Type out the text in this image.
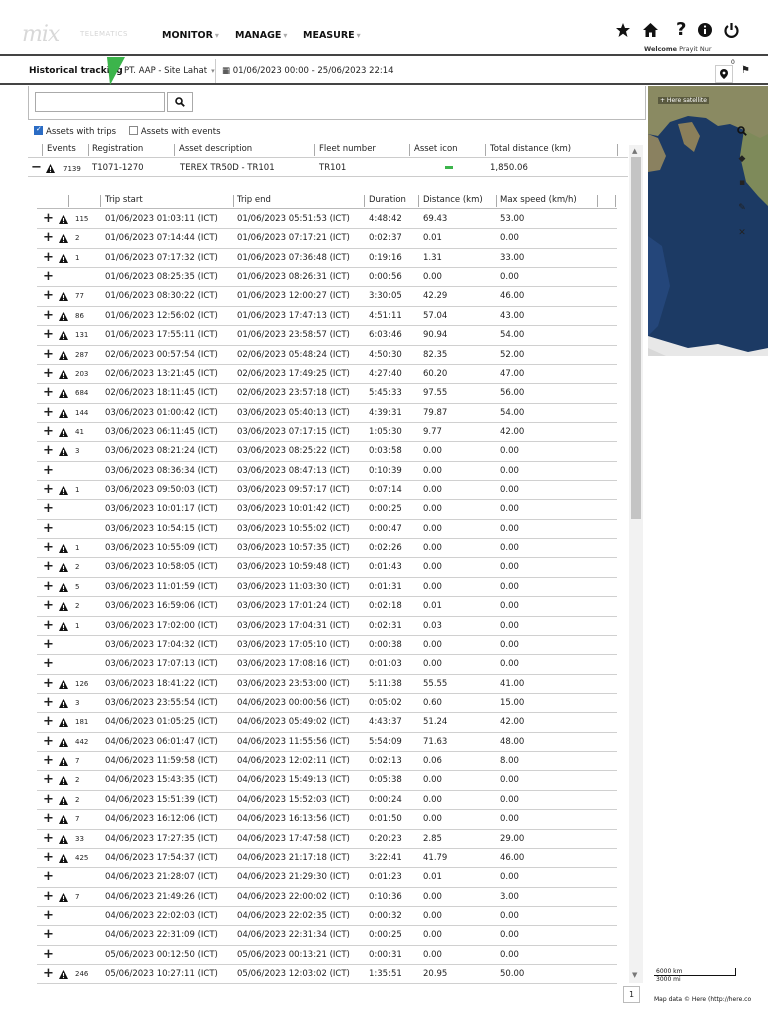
mix	TELEMATICS	MONITOR ▾ MANAGE ▾ MEASURE ▾	?
Welcome Prayit Nur
Historical tracking PT. AAP - Site Lahat ▾ ▦ 01/06/2023 00:00 - 25/06/2023 22:14
0
⚑
✓Assets with trips	Assets with events
Events Registration	Asset description	Fleet number	Asset icon	Total distance (km)
−	7139 T1071-1270	TEREX TR50D - TR101	TR101	1,850.06
Trip start	Trip end	Duration Distance (km) Max speed (km/h)
+	115 01/06/2023 01:03:11 (ICT) 01/06/2023 05:51:53 (ICT) 4:48:42 69.43	53.00
+	2	01/06/2023 07:14:44 (ICT) 01/06/2023 07:17:21 (ICT) 0:02:37 0.01	0.00
+	1	01/06/2023 07:17:32 (ICT) 01/06/2023 07:36:48 (ICT) 0:19:16 1.31	33.00
+	01/06/2023 08:25:35 (ICT) 01/06/2023 08:26:31 (ICT) 0:00:56 0.00	0.00
+	77 01/06/2023 08:30:22 (ICT) 01/06/2023 12:00:27 (ICT) 3:30:05 42.29	46.00
+	86 01/06/2023 12:56:02 (ICT) 01/06/2023 17:47:13 (ICT) 4:51:11 57.04	43.00
+	131 01/06/2023 17:55:11 (ICT) 01/06/2023 23:58:57 (ICT) 6:03:46 90.94	54.00
+	287 02/06/2023 00:57:54 (ICT) 02/06/2023 05:48:24 (ICT) 4:50:30 82.35	52.00
+	203 02/06/2023 13:21:45 (ICT) 02/06/2023 17:49:25 (ICT) 4:27:40 60.20	47.00
+	684 02/06/2023 18:11:45 (ICT) 02/06/2023 23:57:18 (ICT) 5:45:33 97.55	56.00
+	144 03/06/2023 01:00:42 (ICT) 03/06/2023 05:40:13 (ICT) 4:39:31 79.87	54.00
+	41 03/06/2023 06:11:45 (ICT) 03/06/2023 07:17:15 (ICT) 1:05:30 9.77	42.00
+	3	03/06/2023 08:21:24 (ICT) 03/06/2023 08:25:22 (ICT) 0:03:58 0.00	0.00
+	03/06/2023 08:36:34 (ICT) 03/06/2023 08:47:13 (ICT) 0:10:39 0.00	0.00
+	1	03/06/2023 09:50:03 (ICT) 03/06/2023 09:57:17 (ICT) 0:07:14 0.00	0.00
+	03/06/2023 10:01:17 (ICT) 03/06/2023 10:01:42 (ICT) 0:00:25 0.00	0.00
+	03/06/2023 10:54:15 (ICT) 03/06/2023 10:55:02 (ICT) 0:00:47 0.00	0.00
+	1	03/06/2023 10:55:09 (ICT) 03/06/2023 10:57:35 (ICT) 0:02:26 0.00	0.00
+	2	03/06/2023 10:58:05 (ICT) 03/06/2023 10:59:48 (ICT) 0:01:43 0.00	0.00
+	5	03/06/2023 11:01:59 (ICT) 03/06/2023 11:03:30 (ICT) 0:01:31 0.00	0.00
+	2	03/06/2023 16:59:06 (ICT) 03/06/2023 17:01:24 (ICT) 0:02:18 0.01	0.00
+	1	03/06/2023 17:02:00 (ICT) 03/06/2023 17:04:31 (ICT) 0:02:31 0.03	0.00
+	03/06/2023 17:04:32 (ICT) 03/06/2023 17:05:10 (ICT) 0:00:38 0.00	0.00
+	03/06/2023 17:07:13 (ICT) 03/06/2023 17:08:16 (ICT) 0:01:03 0.00	0.00
+	126 03/06/2023 18:41:22 (ICT) 03/06/2023 23:53:00 (ICT) 5:11:38 55.55	41.00
+	3	03/06/2023 23:55:54 (ICT) 04/06/2023 00:00:56 (ICT) 0:05:02 0.60	15.00
+	181 04/06/2023 01:05:25 (ICT) 04/06/2023 05:49:02 (ICT) 4:43:37 51.24	42.00
+	442 04/06/2023 06:01:47 (ICT) 04/06/2023 11:55:56 (ICT) 5:54:09 71.63	48.00
+	7	04/06/2023 11:59:58 (ICT) 04/06/2023 12:02:11 (ICT) 0:02:13 0.06	8.00
+	2	04/06/2023 15:43:35 (ICT) 04/06/2023 15:49:13 (ICT) 0:05:38 0.00	0.00
+	2	04/06/2023 15:51:39 (ICT) 04/06/2023 15:52:03 (ICT) 0:00:24 0.00	0.00
+	7	04/06/2023 16:12:06 (ICT) 04/06/2023 16:13:56 (ICT) 0:01:50 0.00	0.00
+	33 04/06/2023 17:27:35 (ICT) 04/06/2023 17:47:58 (ICT) 0:20:23 2.85	29.00
+	425 04/06/2023 17:54:37 (ICT) 04/06/2023 21:17:18 (ICT) 3:22:41 41.79	46.00
+	04/06/2023 21:28:07 (ICT) 04/06/2023 21:29:30 (ICT) 0:01:23 0.01	0.00
+	7	04/06/2023 21:49:26 (ICT) 04/06/2023 22:00:02 (ICT) 0:10:36 0.00	3.00
+	04/06/2023 22:02:03 (ICT) 04/06/2023 22:02:35 (ICT) 0:00:32 0.00	0.00
+	04/06/2023 22:31:09 (ICT) 04/06/2023 22:31:34 (ICT) 0:00:25 0.00	0.00
+	05/06/2023 00:12:50 (ICT) 05/06/2023 00:13:21 (ICT) 0:00:31 0.00	0.00
+	246 05/06/2023 10:27:11 (ICT) 05/06/2023 12:03:02 (ICT) 1:35:51 20.95	50.00
▲
▼
+ Here satellite
◆
▪
✎
✕
6000 km
3000 mi
Map data © Here (http://here.co
1
